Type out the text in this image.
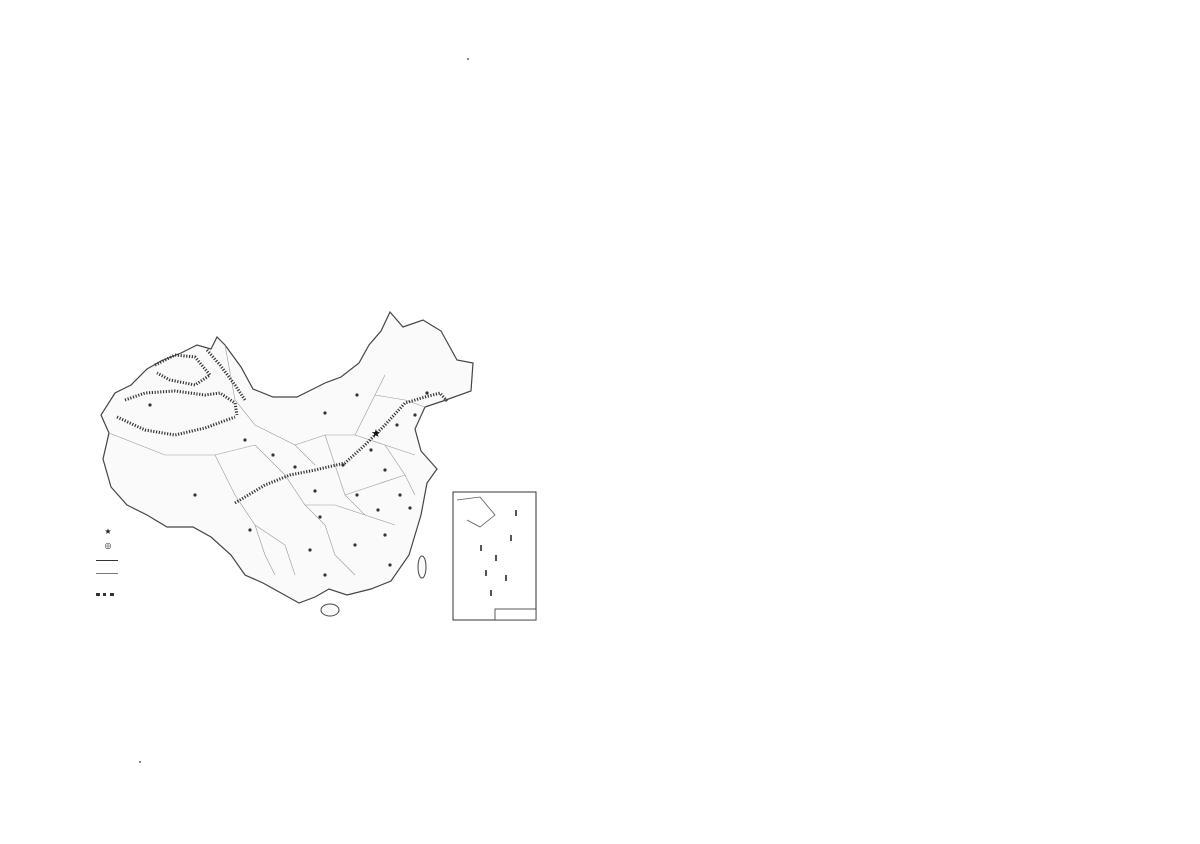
★
★
◎
